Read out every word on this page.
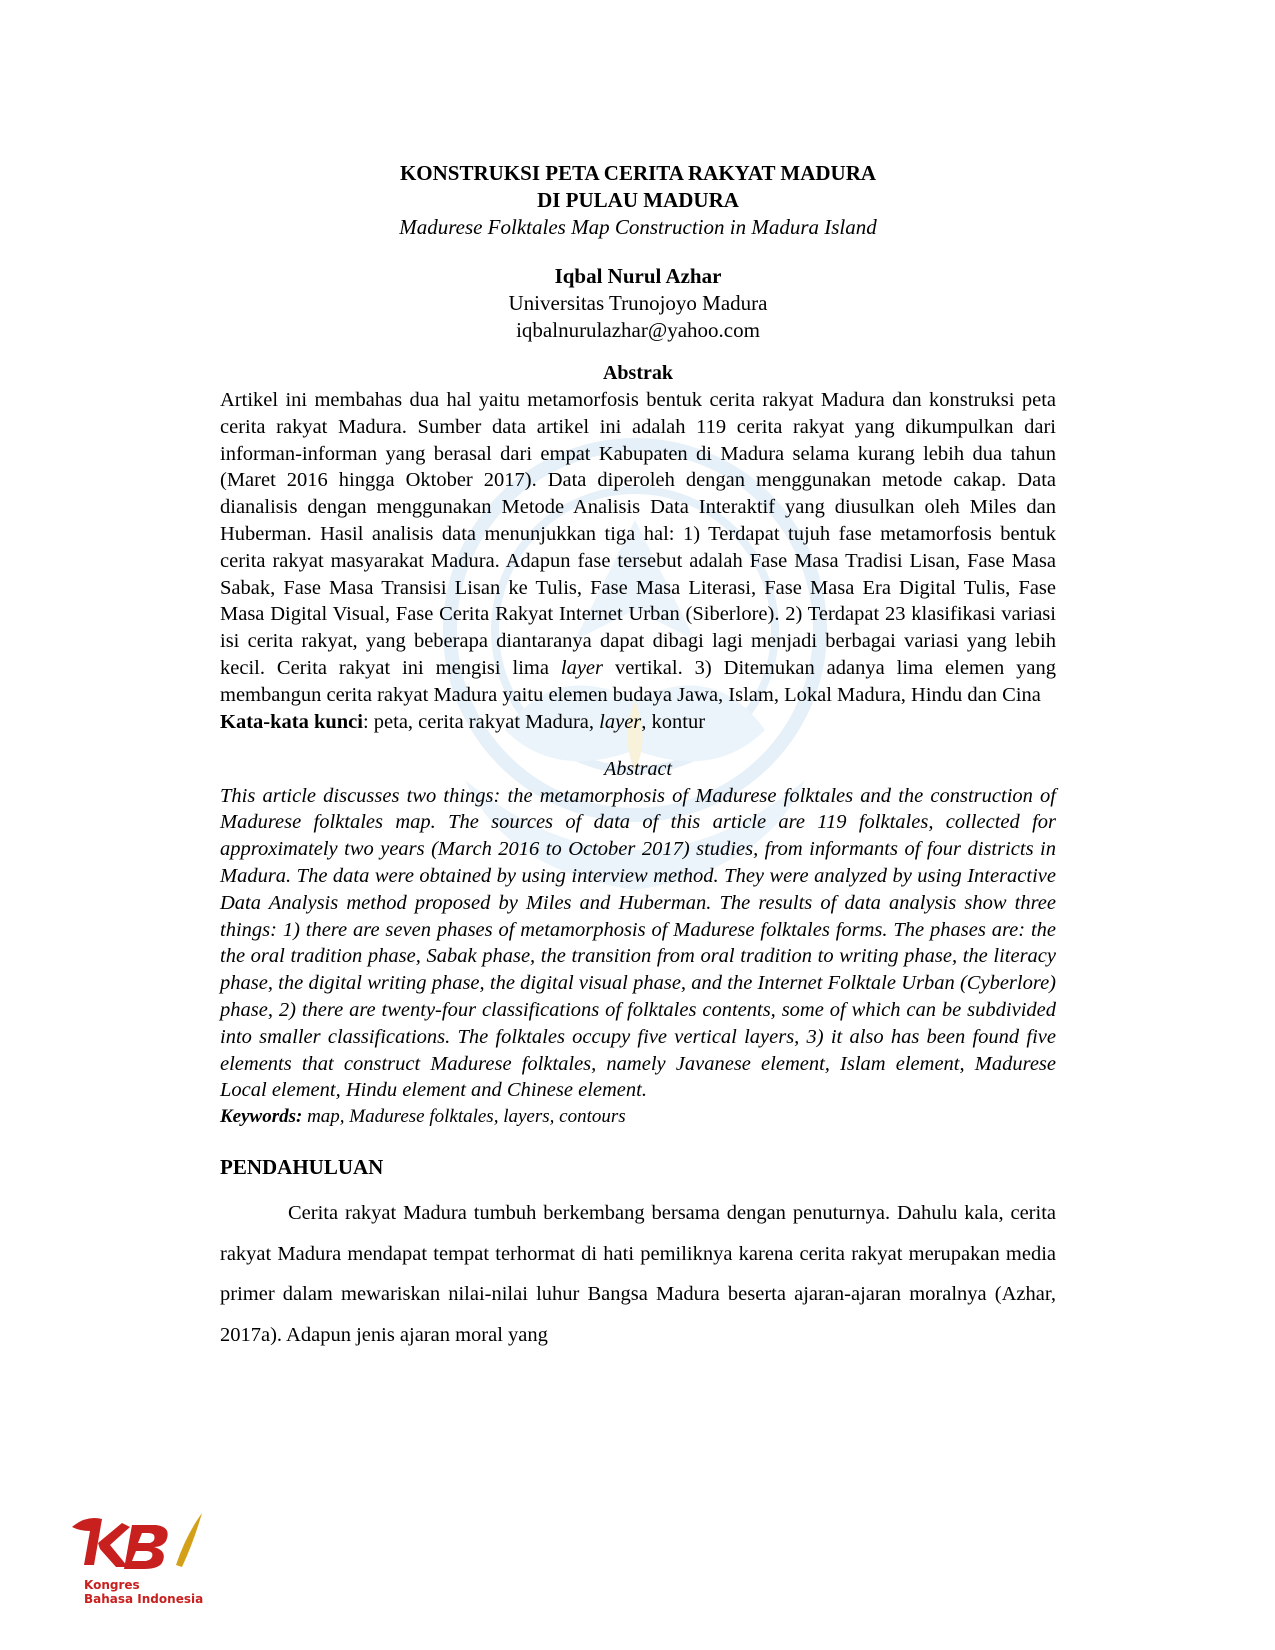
KONSTRUKSI PETA CERITA RAKYAT MADURA
DI PULAU MADURA
Madurese Folktales Map Construction in Madura Island
Iqbal Nurul Azhar
Universitas Trunojoyo Madura
iqbalnurulazhar@yahoo.com
Abstrak

Artikel ini membahas dua hal yaitu metamorfosis bentuk cerita rakyat Madura dan konstruksi peta cerita rakyat Madura. Sumber data artikel ini adalah 119 cerita rakyat yang dikumpulkan dari informan-informan yang berasal dari empat Kabupaten di Madura selama kurang lebih dua tahun (Maret 2016 hingga Oktober 2017). Data diperoleh dengan menggunakan metode cakap. Data dianalisis dengan menggunakan Metode Analisis Data Interaktif yang diusulkan oleh Miles dan Huberman. Hasil analisis data menunjukkan tiga hal: 1) Terdapat tujuh fase metamorfosis bentuk cerita rakyat masyarakat Madura. Adapun fase tersebut adalah Fase Masa Tradisi Lisan, Fase Masa Sabak, Fase Masa Transisi Lisan ke Tulis, Fase Masa Literasi, Fase Masa Era Digital Tulis, Fase Masa Digital Visual, Fase Cerita Rakyat Internet Urban (Siberlore). 2) Terdapat 23 klasifikasi variasi isi cerita rakyat, yang beberapa diantaranya dapat dibagi lagi menjadi berbagai variasi yang lebih kecil. Cerita rakyat ini mengisi lima layer vertikal. 3) Ditemukan adanya lima elemen yang membangun cerita rakyat Madura yaitu elemen budaya Jawa, Islam, Lokal Madura, Hindu dan Cina

Kata-kata kunci: peta, cerita rakyat Madura, layer, kontur

Abstract

This article discusses two things: the metamorphosis of Madurese folktales and the construction of Madurese folktales map. The sources of data of this article are 119 folktales, collected for approximately two years (March 2016 to October 2017) studies, from informants of four districts in Madura. The data were obtained by using interview method. They were analyzed by using Interactive Data Analysis method proposed by Miles and Huberman. The results of data analysis show three things: 1) there are seven phases of metamorphosis of Madurese folktales forms. The phases are: the the oral tradition phase, Sabak phase, the transition from oral tradition to writing phase, the literacy phase, the digital writing phase, the digital visual phase, and the Internet Folktale Urban (Cyberlore) phase, 2) there are twenty-four classifications of folktales contents, some of which can be subdivided into smaller classifications. The folktales occupy five vertical layers, 3) it also has been found five elements that construct Madurese folktales, namely Javanese element, Islam element, Madurese Local element, Hindu element and Chinese element.

Keywords: map, Madurese folktales, layers, contours

PENDAHULUAN

Cerita rakyat Madura tumbuh berkembang bersama dengan penuturnya. Dahulu kala, cerita rakyat Madura mendapat tempat terhormat di hati pemiliknya karena cerita rakyat merupakan media primer dalam mewariskan nilai-nilai luhur Bangsa Madura beserta ajaran-ajaran moralnya (Azhar, 2017a). Adapun jenis ajaran moral yang

Kongres
Bahasa Indonesia
